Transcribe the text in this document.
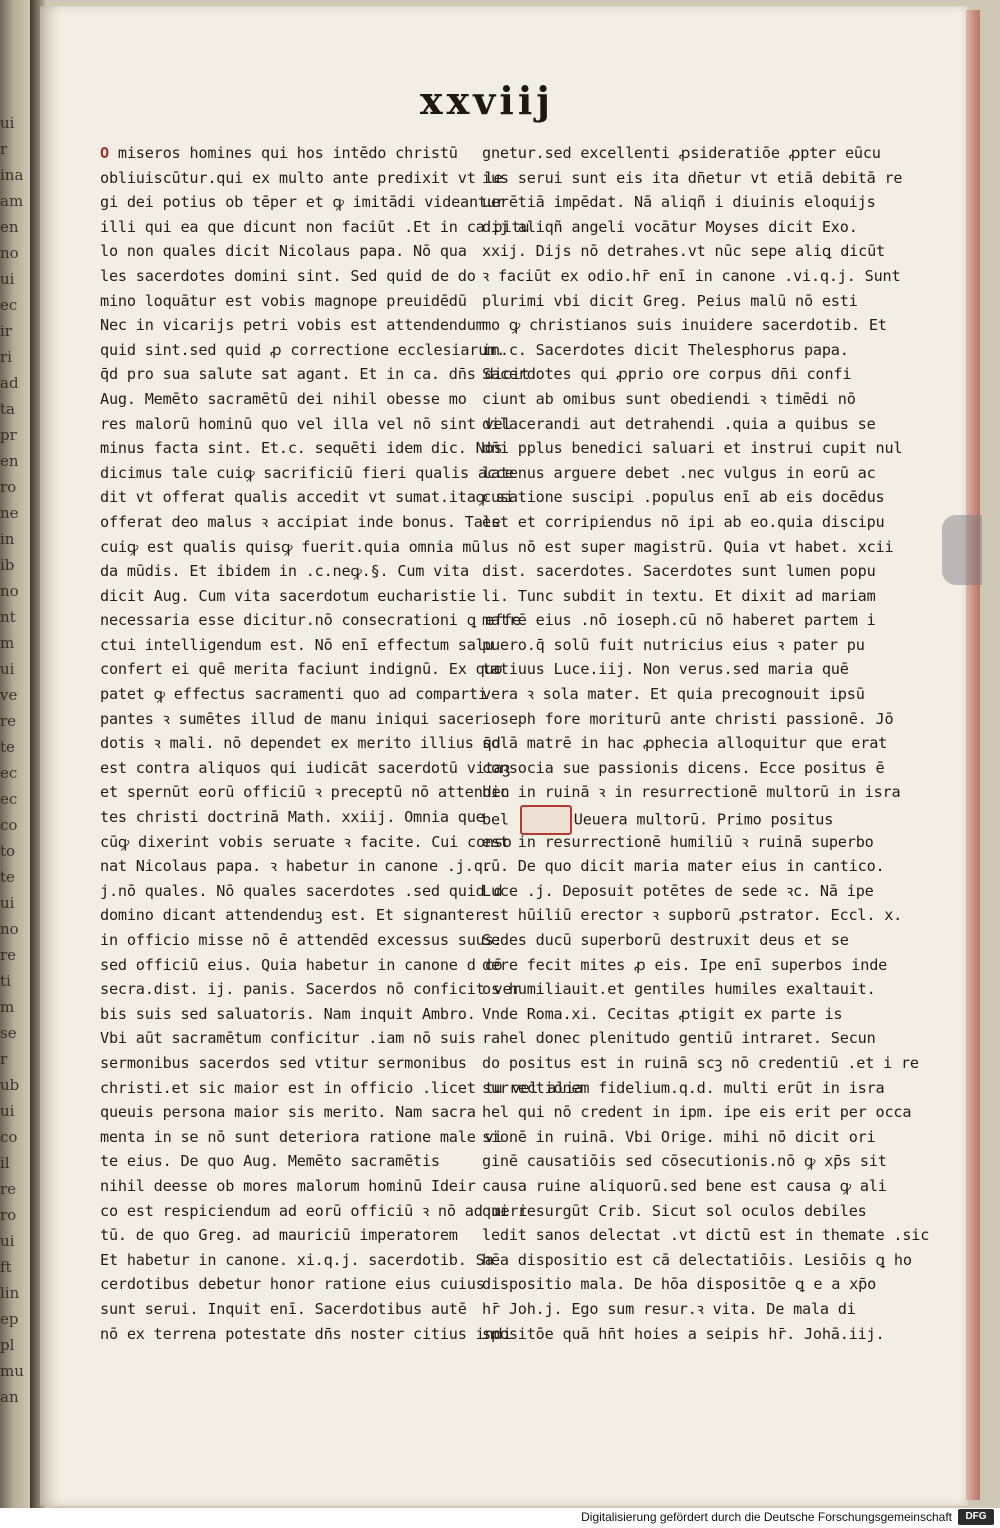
ui
r
ina
am
en
no
ui
ec
ir
ri
ad
ta
pr
en
ro
ne
in
ib
no
nt
m
ui
ve
re
te
ec
ec
co
to
te
ui
no
re
ti
m
se
r
ub
ui
co
il
re
ro
ui
ft
lin
ep
pl
mu
an
xxviij
O miseros homines qui hos intēdo christū
obliuiscūtur.qui ex multo ante predixit vt le
gi dei potius ob tēper et ꝙ imitādi videantur
illi qui ea que dicunt non faciūt .Et in ca pitu
lo non quales dicit Nicolaus papa. Nō qua
les sacerdotes domini sint. Sed quid de do
mino loquātur est vobis magnope preuidēdū
Nec in vicarijs petri vobis est attendendum
quid sint.sed quid ꝓ correctione ecclesiarum.
q̄d pro sua salute sat agant. Et in ca. dn̄s dicit
Aug. Memēto sacramētū dei nihil obesse mo
res malorū hominū quo vel illa vel nō sint vel
minus facta sint. Et.c. sequēti idem dic. Nos
dicimus tale cuiꝙ sacrificiū fieri qualis acce
dit vt offerat qualis accedit vt sumat.itaꝙ si
offerat deo malus ꝛ accipiat inde bonus. Tale
cuiꝙ est qualis quisꝙ fuerit.quia omnia mū
da mūdis. Et ibidem in .c.neꝙ.§. Cum vita
dicit Aug. Cum vita sacerdotum eucharistie
necessaria esse dicitur.nō consecrationi ꝗ effe
ctui intelligendum est. Nō enī effectum salu
confert ei quē merita faciunt indignū. Ex quo
patet ꝙ effectus sacramenti quo ad comparti
pantes ꝛ sumētes illud de manu iniqui sacer
dotis ꝛ mali. nō dependet ex merito illius q̄d
est contra aliquos qui iudicāt sacerdotū vitaꝫ
et spernūt eorū officiū ꝛ preceptū nō attenden
tes christi doctrinā Math. xxiij. Omnia que
cūꝙ dixerint vobis seruate ꝛ facite. Cui conso
nat Nicolaus papa. ꝛ habetur in canone .j.q.
j.nō quales. Nō quales sacerdotes .sed quid d
domino dicant attendenduꝫ est. Et signanter
in officio misse nō ē attendēd excessus suus:
sed officiū eius. Quia habetur in canone d cō
secra.dist. ij. panis. Sacerdos nō conficit ver
bis suis sed saluatoris. Nam inquit Ambro.
Vbi aūt sacramētum conficitur .iam nō suis
sermonibus sacerdos sed vtitur sermonibus
christi.et sic maior est in officio .licet tu vel alia
queuis persona maior sis merito. Nam sacra
menta in se nō sunt deteriora ratione male vi
te eius. De quo Aug. Memēto sacramētis
nihil deesse ob mores malorum hominū Ideir
co est respiciendum ad eorū officiū ꝛ nō ad meri
tū. de quo Greg. ad mauriciū imperatorem
Et habetur in canone. xi.q.j. sacerdotib. Sa
cerdotibus debetur honor ratione eius cuius
sunt serui. Inquit enī. Sacerdotibus autē
nō ex terrena potestate dn̄s noster citius indi
gnetur.sed excellenti ꝓsideratiōe ꝓpter eūcu
ius serui sunt eis ita dn̄etur vt etiā debitā re
uerētiā impēdat. Nā aliqñ i diuinis eloquijs
dij aliqñ angeli vocātur Moyses dicit Exo.
xxij. Dijs nō detrahes.vt nūc sepe aliꝗ dicūt
ꝛ faciūt ex odio.hr̄ enī in canone .vi.q.j. Sunt
plurimi vbi dicit Greg. Peius malū nō esti
mo ꝙ christianos suis inuidere sacerdotib. Et
in.c. Sacerdotes dicit Thelesphorus papa.
Sacerdotes qui ꝓprio ore corpus dn̄i confi
ciunt ab omibus sunt obediendi ꝛ timēdi nō
dilacerandi aut detrahendi .quia a quibus se
dn̄i pplus benedici saluari et instrui cupit nul
latenus arguere debet .nec vulgus in eorū ac
cusatione suscipi .populus enī ab eis docēdus
est et corripiendus nō ipi ab eo.quia discipu
lus nō est super magistrū. Quia vt habet. xcii
dist. sacerdotes. Sacerdotes sunt lumen popu
li. Tunc subdit in textu. Et dixit ad mariam
matrē eius .nō ioseph.cū nō haberet partem i
puero.q̄ solū fuit nutricius eius ꝛ pater pu
tatiuus Luce.iij. Non verus.sed maria quē
vera ꝛ sola mater. Et quia precognouit ipsū
ioseph fore moriturū ante christi passionē. Jō
solā matrē in hac ꝓphecia alloquitur que erat
consocia sue passionis dicens. Ecce positus ē
hic in ruinā ꝛ in resurrectionē multorū in isra
bel	Ueuera multorū. Primo positus
est in resurrectionē humiliū ꝛ ruinā superbo
rū. De quo dicit maria mater eius in cantico.
Luce .j. Deposuit potētes de sede ꝛc. Nā ipe
est hūiliū erector ꝛ supborū ꝓstrator. Eccl. x.
Sedes ducū superborū destruxit deus et se
dere fecit mites ꝓ eis. Ipe enī superbos inde
os humiliauit.et gentiles humiles exaltauit.
Vnde Roma.xi. Cecitas ꝓtigit ex parte is
rahel donec plenitudo gentiū intraret. Secun
do positus est in ruinā scꝫ nō credentiū .et i re
surrectionem fidelium.q.d. multi erūt in isra
hel qui nō credent in ipm. ipe eis erit per occa
sionē in ruinā. Vbi Orige. mihi nō dicit ori
ginē causatiōis sed cōsecutionis.nō ꝙ xp̄s sit
causa ruine aliquorū.sed bene est causa ꝙ ali
qui resurgūt Crib. Sicut sol oculos debiles
ledit sanos delectat .vt dictū est in themate .sic
hēa dispositio est cā delectatiōis. Lesiōis ꝗ ho
dispositio mala. De hōa dispositōe ꝗ e a xp̄o
hr̄ Joh.j. Ego sum resur.ꝛ vita. De mala di
spositōe quā hn̄t hoies a seipis hr̄. Johā.iij.
Digitalisierung gefördert durch die Deutsche Forschungsgemeinschaft	DFG
